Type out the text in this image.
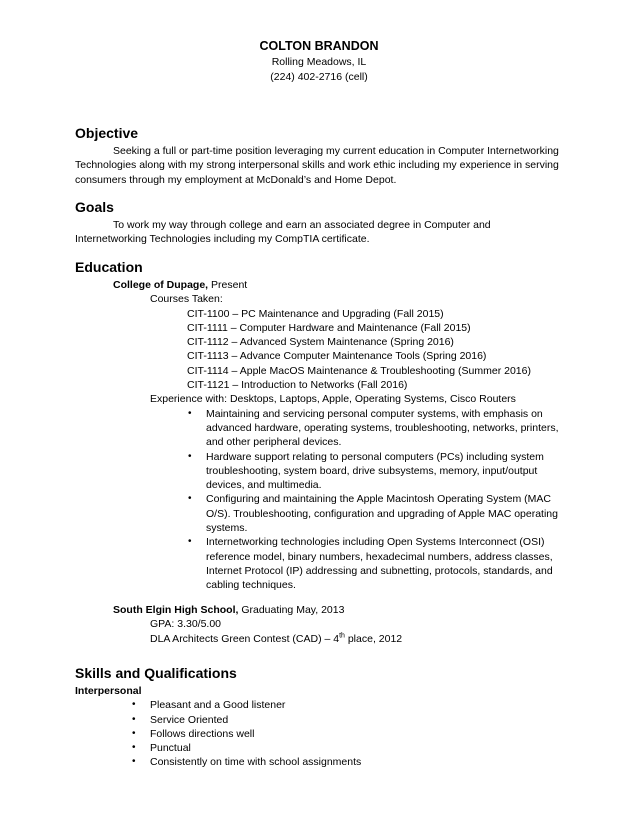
COLTON BRANDON
Rolling Meadows, IL
(224) 402-2716 (cell)
Objective

Seeking a full or part-time position leveraging my current education in Computer Internetworking Technologies along with my strong interpersonal skills and work ethic including my experience in serving consumers through my employment at McDonald’s and Home Depot.

Goals

To work my way through college and earn an associated degree in Computer and Internetworking Technologies including my CompTIA certificate.

Education
College of Dupage, Present
Courses Taken:
CIT-1100 – PC Maintenance and Upgrading (Fall 2015)
CIT-1111 – Computer Hardware and Maintenance (Fall 2015)
CIT-1112 – Advanced System Maintenance (Spring 2016)
CIT-1113 – Advance Computer Maintenance Tools (Spring 2016)
CIT-1114 – Apple MacOS Maintenance & Troubleshooting (Summer 2016)
CIT-1121 – Introduction to Networks (Fall 2016)
Experience with: Desktops, Laptops, Apple, Operating Systems, Cisco Routers
• Maintaining and servicing personal computer systems, with emphasis on advanced hardware, operating systems, troubleshooting, networks, printers, and other peripheral devices.
• Hardware support relating to personal computers (PCs) including system troubleshooting, system board, drive subsystems, memory, input/output devices, and multimedia.
• Configuring and maintaining the Apple Macintosh Operating System (MAC O/S). Troubleshooting, configuration and upgrading of Apple MAC operating systems.
• Internetworking technologies including Open Systems Interconnect (OSI) reference model, binary numbers, hexadecimal numbers, address classes, Internet Protocol (IP) addressing and subnetting, protocols, standards, and cabling techniques.
South Elgin High School, Graduating May, 2013
GPA: 3.30/5.00
DLA Architects Green Contest (CAD) – 4th place, 2012
Skills and Qualifications
Interpersonal
• Pleasant and a Good listener
• Service Oriented
• Follows directions well
• Punctual
• Consistently on time with school assignments
